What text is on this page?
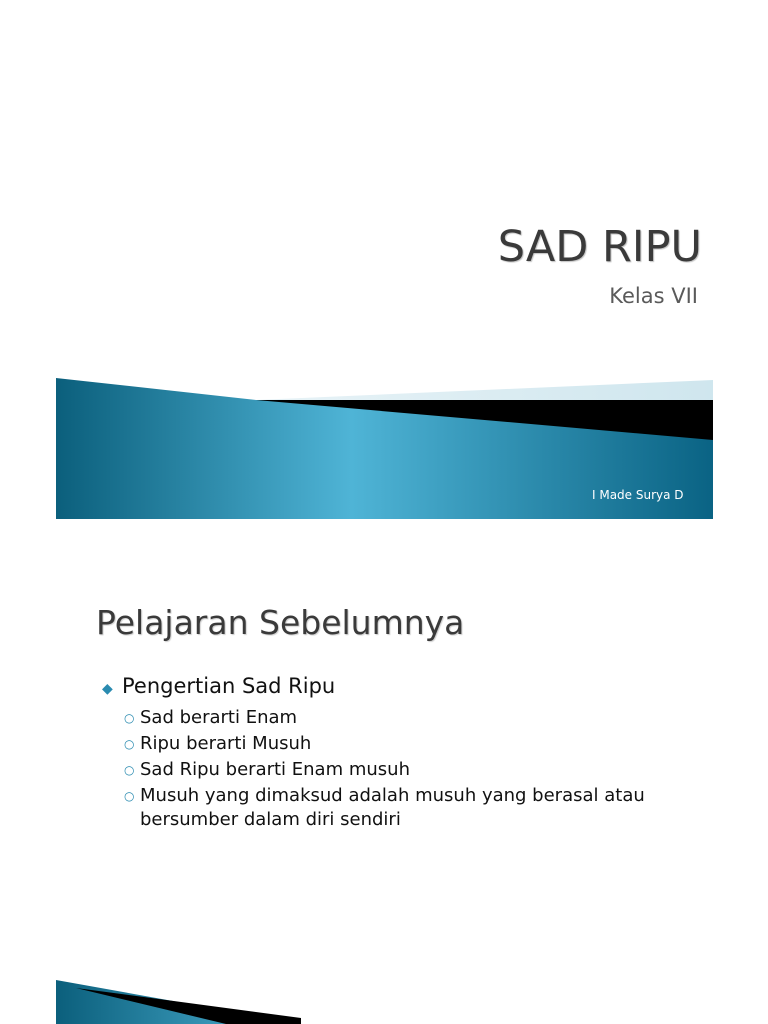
SAD RIPU
Kelas VII
I Made Surya D
Pelajaran Sebelumnya
◆ Pengertian Sad Ripu
○ Sad berarti Enam
○ Ripu berarti Musuh
○ Sad Ripu berarti Enam musuh
○ Musuh yang dimaksud adalah musuh yang berasal atau bersumber dalam diri sendiri
